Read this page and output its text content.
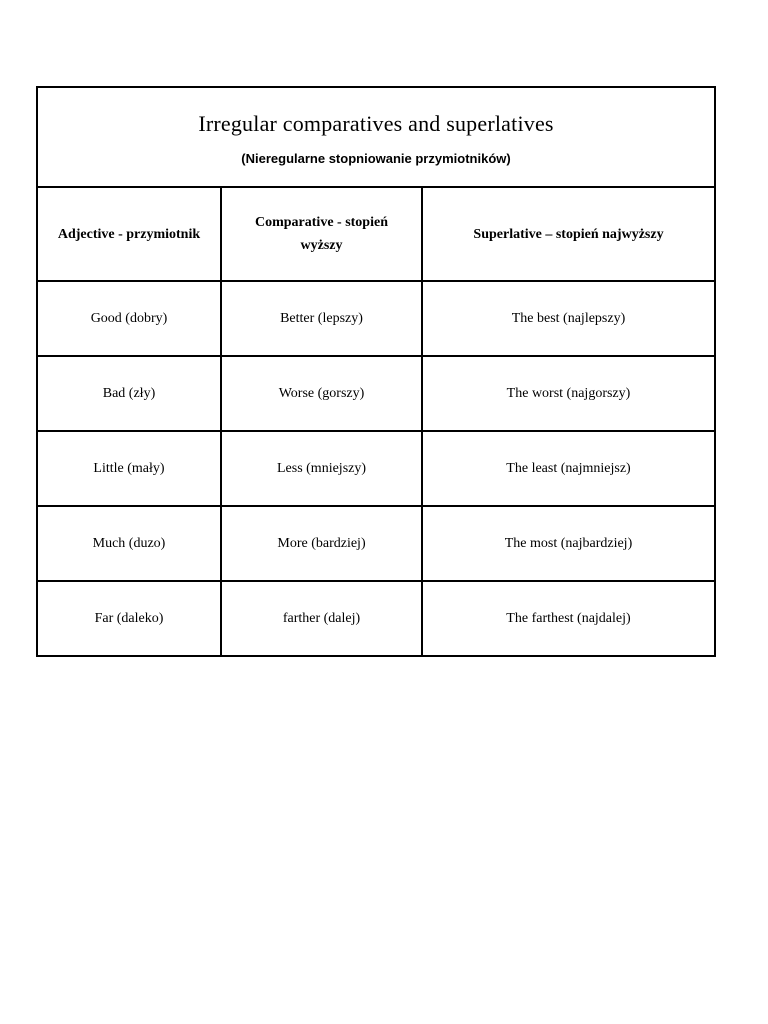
Irregular comparatives and superlatives
(Nieregularne stopniowanie przymiotników)		

Adjective - przymiotnik	Comparative - stopień wyższy	Superlative – stopień najwyższy
Good (dobry)	Better (lepszy)	The best (najlepszy)
Bad (zły)	Worse (gorszy)	The worst (najgorszy)
Little (mały)	Less (mniejszy)	The least (najmniejsz)
Much (duzo)	More (bardziej)	The most (najbardziej)
Far (daleko)	farther (dalej)	The farthest (najdalej)
